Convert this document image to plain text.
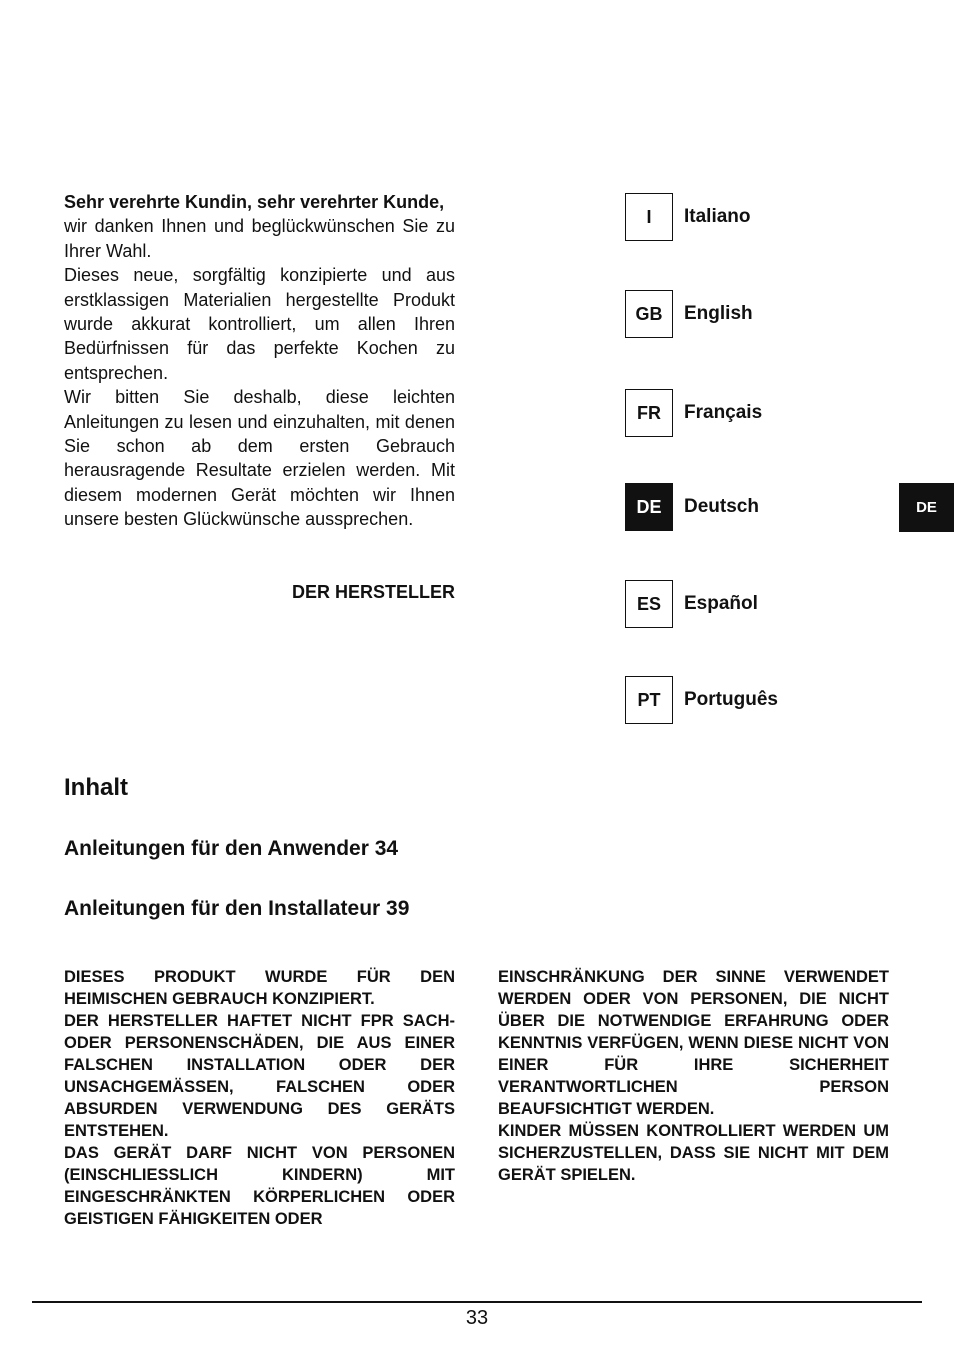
Sehr verehrte Kundin, sehr verehrter Kunde,

wir danken Ihnen und beglückwünschen Sie zu Ihrer Wahl.

Dieses neue, sorgfältig konzipierte und aus erstklassigen Materialien hergestellte Produkt wurde akkurat kontrolliert, um allen Ihren Bedürfnissen für das perfekte Kochen zu entsprechen.

Wir bitten Sie deshalb, diese leichten Anleitungen zu lesen und einzuhalten, mit denen Sie schon ab dem ersten Gebrauch herausragende Resultate erzielen werden. Mit diesem modernen Gerät möchten wir Ihnen unsere besten Glückwünsche aussprechen.

DER HERSTELLER
I	Italiano
GB	English
FR	Français
DE	Deutsch
ES	Español
PT	Português
DE
Inhalt
Anleitungen für den Anwender 34
Anleitungen für den Installateur 39

DIESES PRODUKT WURDE FÜR DEN HEIMISCHEN GEBRAUCH KONZIPIERT.

DER HERSTELLER HAFTET NICHT FPR SACH- ODER PERSONENSCHÄDEN, DIE AUS EINER FALSCHEN INSTALLATION ODER DER UNSACHGEMÄSSEN, FALSCHEN ODER ABSURDEN VERWENDUNG DES GERÄTS ENTSTEHEN.

DAS GERÄT DARF NICHT VON PERSONEN (EINSCHLIESSLICH KINDERN) MIT EINGESCHRÄNKTEN KÖRPERLICHEN ODER GEISTIGEN FÄHIGKEITEN ODER

EINSCHRÄNKUNG DER SINNE VERWENDET WERDEN ODER VON PERSONEN, DIE NICHT ÜBER DIE NOTWENDIGE ERFAHRUNG ODER KENNTNIS VERFÜGEN, WENN DIESE NICHT VON EINER FÜR IHRE SICHERHEIT VERANTWORTLICHEN PERSON BEAUFSICHTIGT WERDEN.

KINDER MÜSSEN KONTROLLIERT WERDEN UM SICHERZUSTELLEN, DASS SIE NICHT MIT DEM GERÄT SPIELEN.

33
